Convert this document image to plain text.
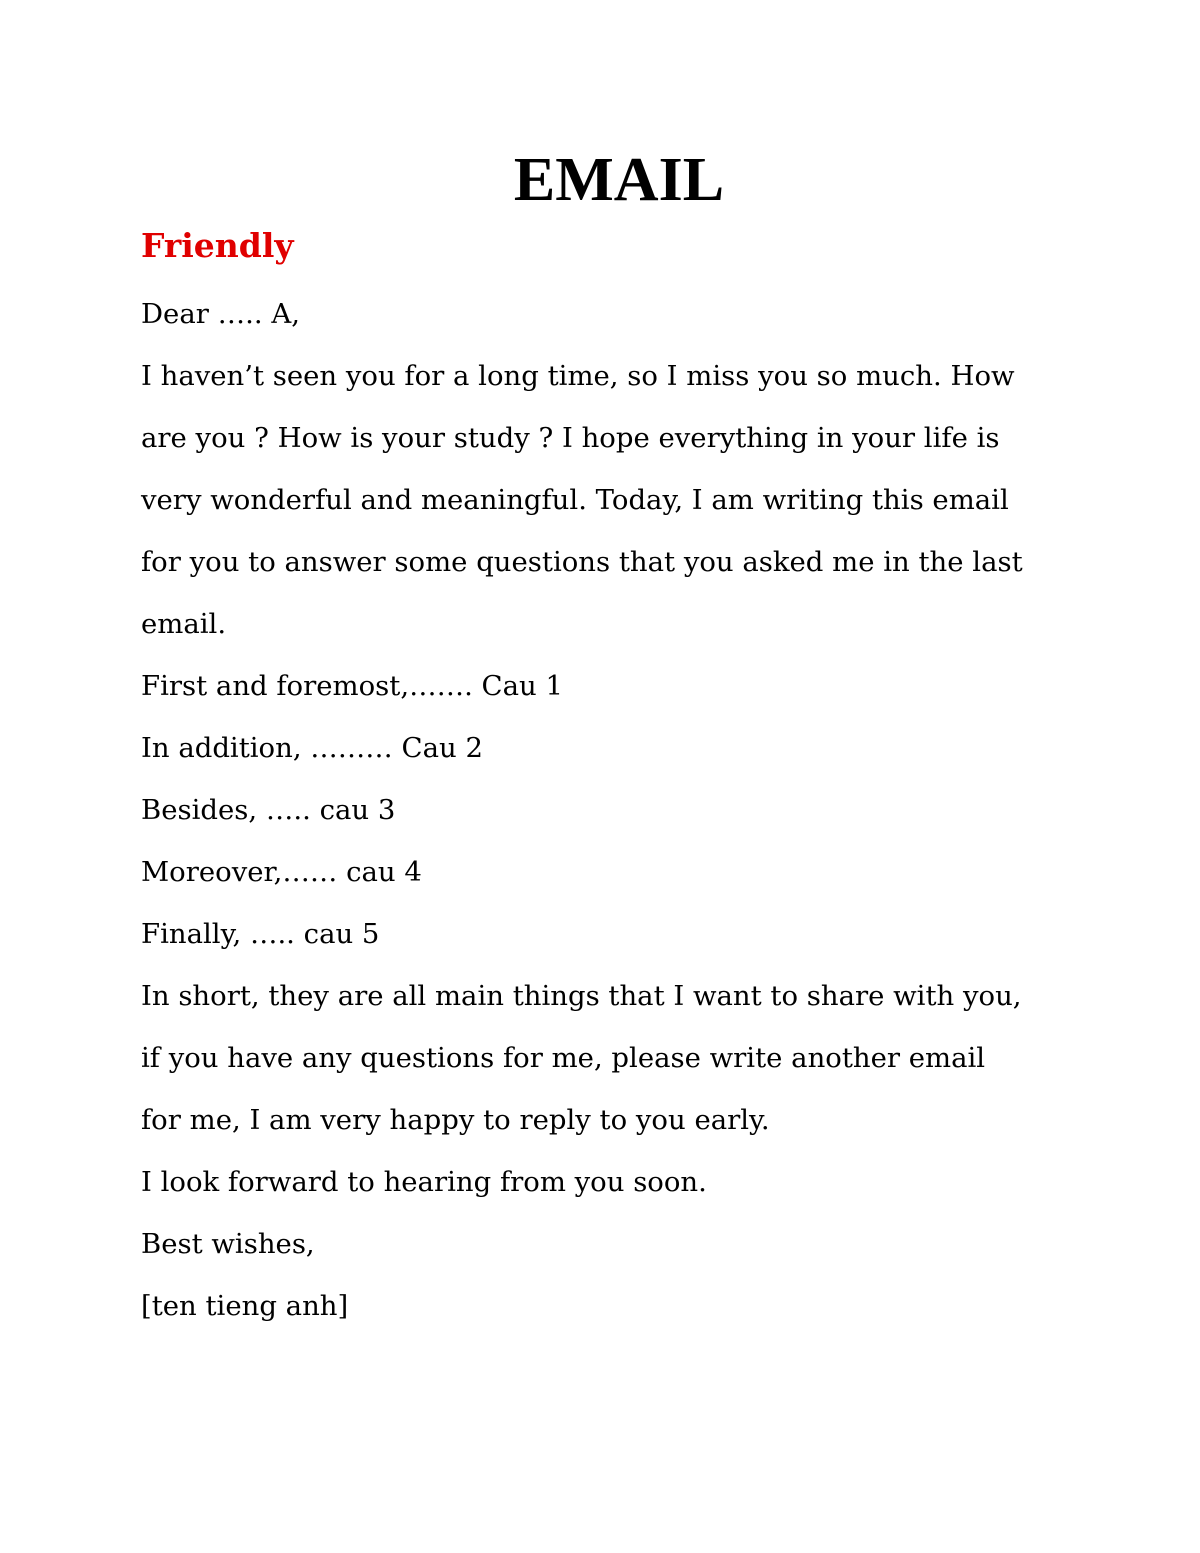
EMAIL
Friendly
Dear ….. A,
I haven’t seen you for a long time, so I miss you so much. How
are you ? How is your study ? I hope everything in your life is
very wonderful and meaningful. Today, I am writing this email
for you to answer some questions that you asked me in the last
email.
First and foremost,……. Cau 1
In addition, ……… Cau 2
Besides, ….. cau 3
Moreover,…… cau 4
Finally, ….. cau 5
In short, they are all main things that I want to share with you,
if you have any questions for me, please write another email
for me, I am very happy to reply to you early.
I look forward to hearing from you soon.
Best wishes,
[ten tieng anh]
